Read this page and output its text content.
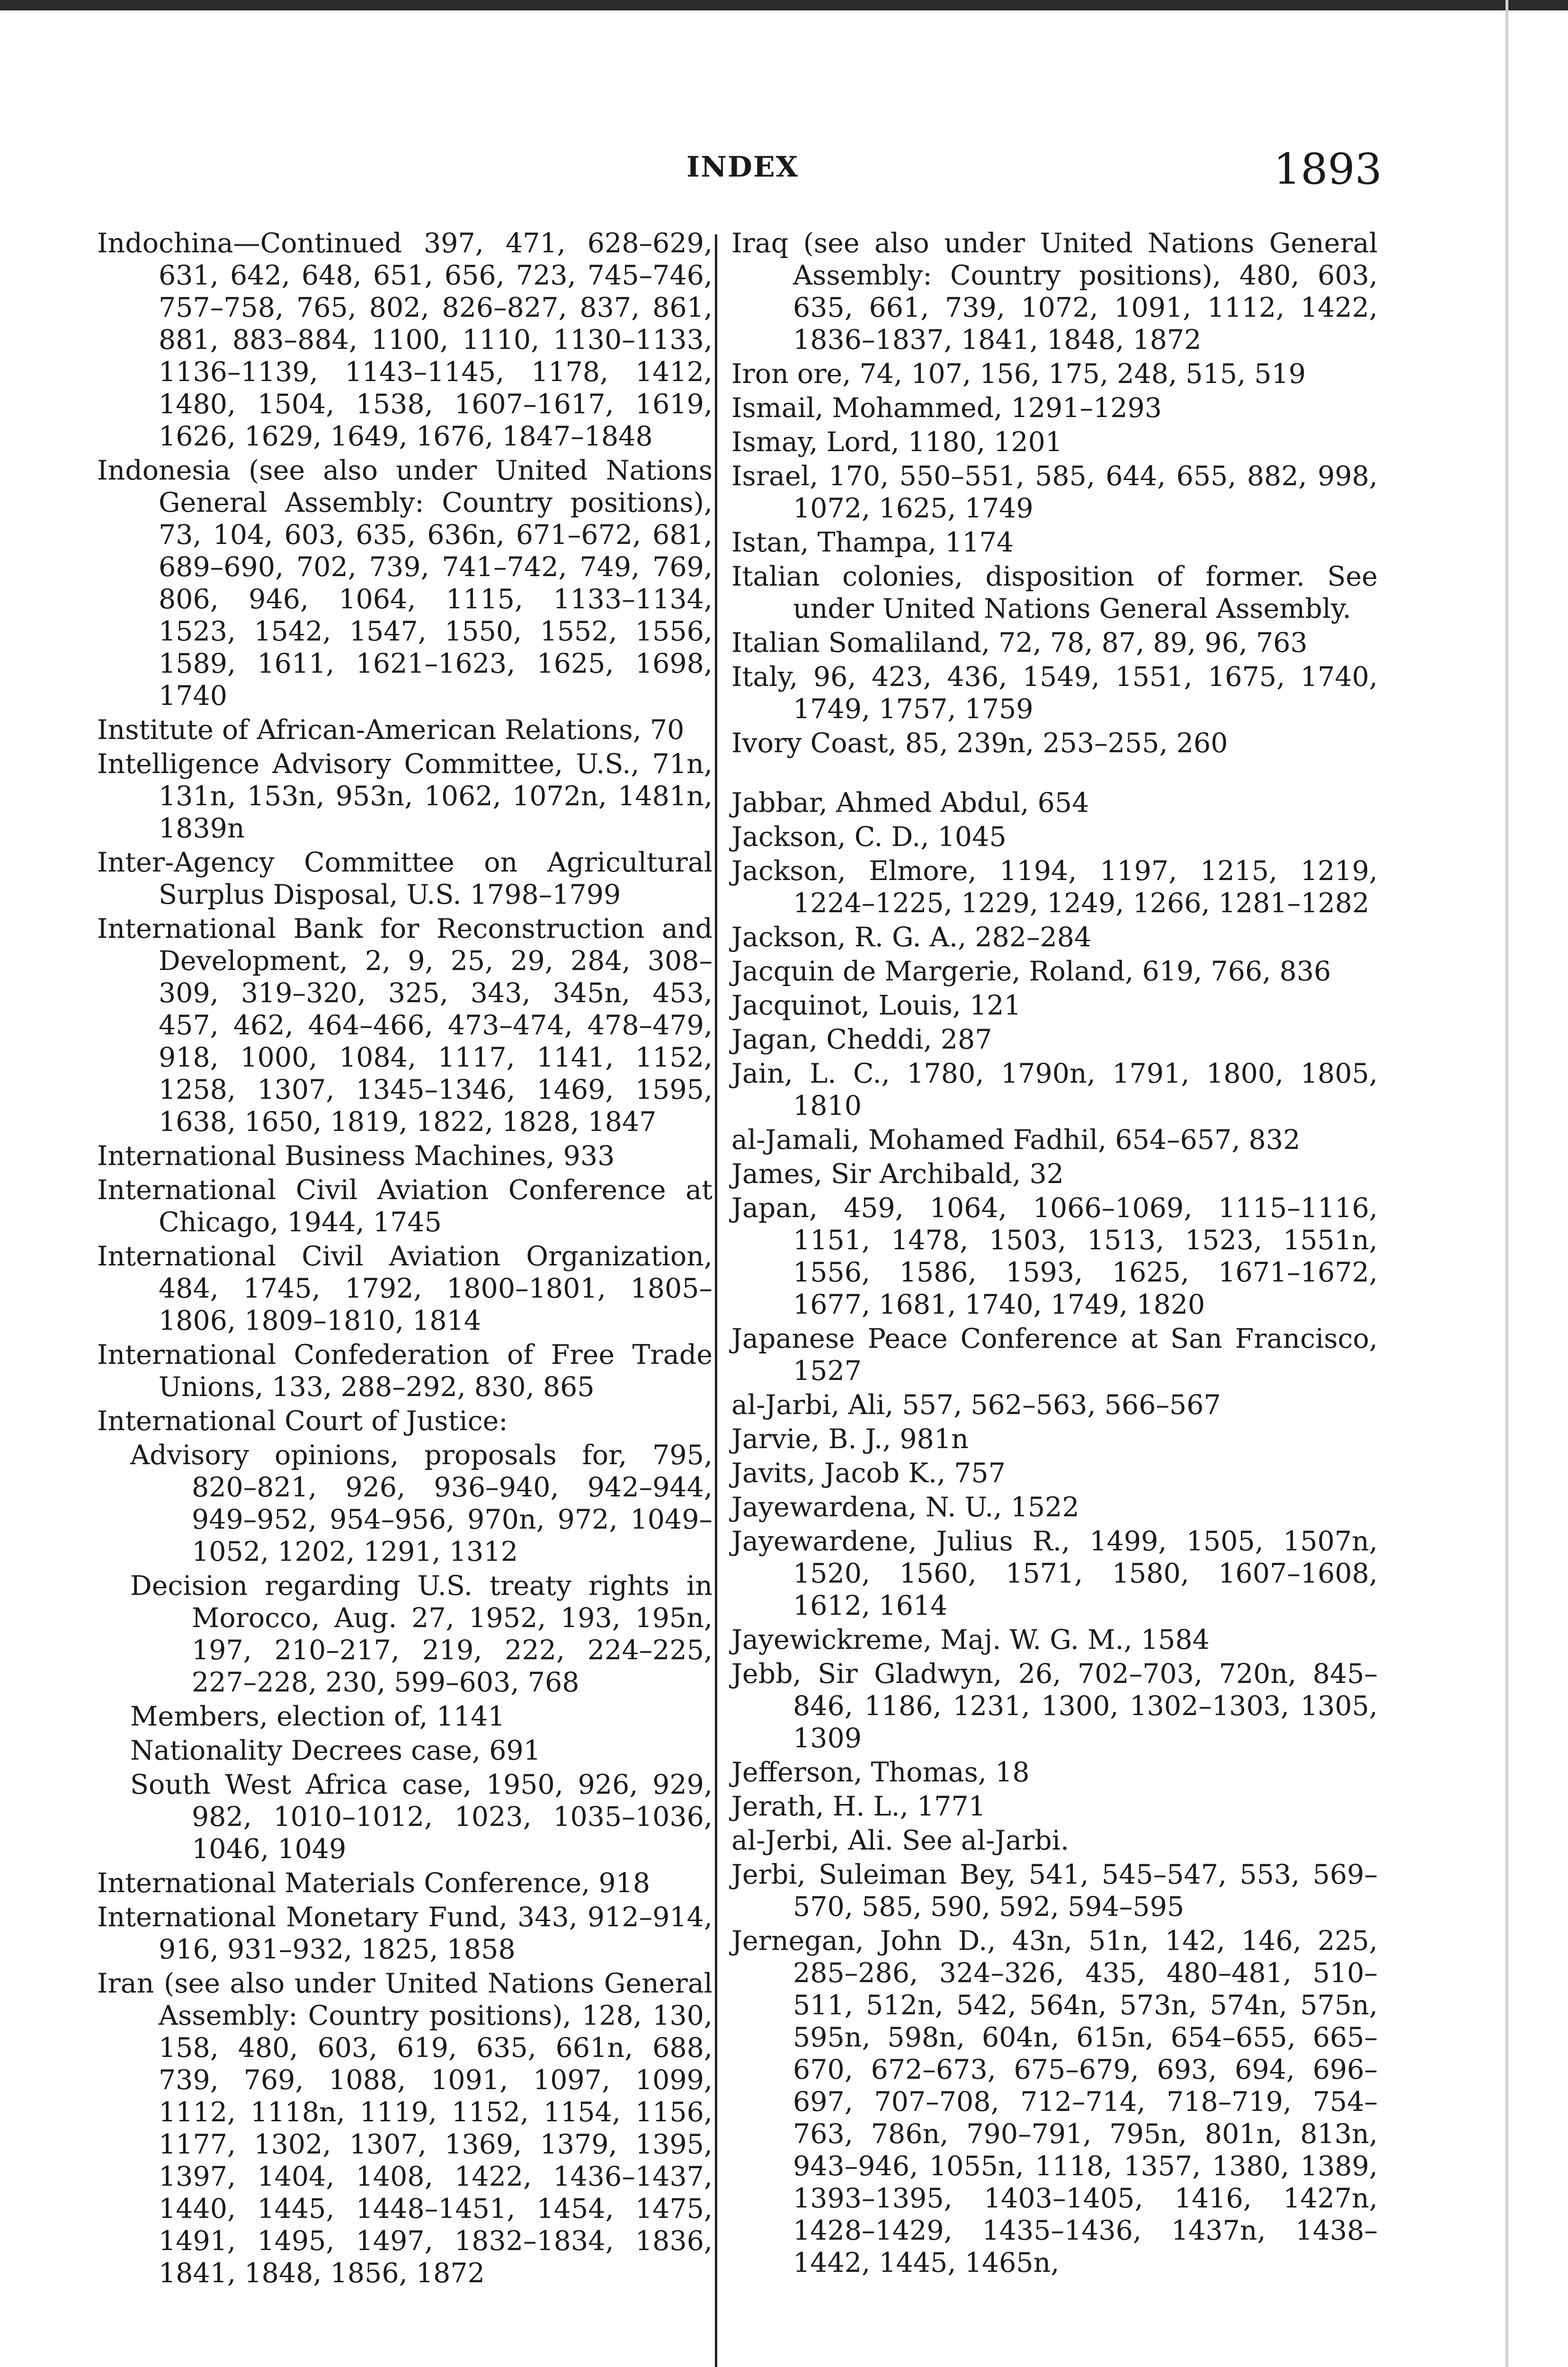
INDEX	1893

Indochina—Continued 397, 471, 628–629, 631, 642, 648, 651, 656, 723, 745–746, 757–758, 765, 802, 826–827, 837, 861, 881, 883–884, 1100, 1110, 1130–1133, 1136–1139, 1143–1145, 1178, 1412, 1480, 1504, 1538, 1607–1617, 1619, 1626, 1629, 1649, 1676, 1847–1848

Indonesia (see also under United Nations General Assembly: Country positions), 73, 104, 603, 635, 636n, 671–672, 681, 689–690, 702, 739, 741–742, 749, 769, 806, 946, 1064, 1115, 1133–1134, 1523, 1542, 1547, 1550, 1552, 1556, 1589, 1611, 1621–1623, 1625, 1698, 1740

Institute of African-American Relations, 70

Intelligence Advisory Committee, U.S., 71n, 131n, 153n, 953n, 1062, 1072n, 1481n, 1839n

Inter-Agency Committee on Agricultural Surplus Disposal, U.S. 1798–1799

International Bank for Reconstruction and Development, 2, 9, 25, 29, 284, 308–309, 319–320, 325, 343, 345n, 453, 457, 462, 464–466, 473–474, 478–479, 918, 1000, 1084, 1117, 1141, 1152, 1258, 1307, 1345–1346, 1469, 1595, 1638, 1650, 1819, 1822, 1828, 1847

International Business Machines, 933

International Civil Aviation Conference at Chicago, 1944, 1745

International Civil Aviation Organization, 484, 1745, 1792, 1800–1801, 1805–1806, 1809–1810, 1814

International Confederation of Free Trade Unions, 133, 288–292, 830, 865

International Court of Justice:

Advisory opinions, proposals for, 795, 820–821, 926, 936–940, 942–944, 949–952, 954–956, 970n, 972, 1049–1052, 1202, 1291, 1312

Decision regarding U.S. treaty rights in Morocco, Aug. 27, 1952, 193, 195n, 197, 210–217, 219, 222, 224–225, 227–228, 230, 599–603, 768

Members, election of, 1141

Nationality Decrees case, 691

South West Africa case, 1950, 926, 929, 982, 1010–1012, 1023, 1035–1036, 1046, 1049

International Materials Conference, 918

International Monetary Fund, 343, 912–914, 916, 931–932, 1825, 1858

Iran (see also under United Nations General Assembly: Country positions), 128, 130, 158, 480, 603, 619, 635, 661n, 688, 739, 769, 1088, 1091, 1097, 1099, 1112, 1118n, 1119, 1152, 1154, 1156, 1177, 1302, 1307, 1369, 1379, 1395, 1397, 1404, 1408, 1422, 1436–1437, 1440, 1445, 1448–1451, 1454, 1475, 1491, 1495, 1497, 1832–1834, 1836, 1841, 1848, 1856, 1872

Iraq (see also under United Nations General Assembly: Country positions), 480, 603, 635, 661, 739, 1072, 1091, 1112, 1422, 1836–1837, 1841, 1848, 1872

Iron ore, 74, 107, 156, 175, 248, 515, 519

Ismail, Mohammed, 1291–1293

Ismay, Lord, 1180, 1201

Israel, 170, 550–551, 585, 644, 655, 882, 998, 1072, 1625, 1749

Istan, Thampa, 1174

Italian colonies, disposition of former. See under United Nations General Assembly.

Italian Somaliland, 72, 78, 87, 89, 96, 763

Italy, 96, 423, 436, 1549, 1551, 1675, 1740, 1749, 1757, 1759

Ivory Coast, 85, 239n, 253–255, 260

Jabbar, Ahmed Abdul, 654

Jackson, C. D., 1045

Jackson, Elmore, 1194, 1197, 1215, 1219, 1224–1225, 1229, 1249, 1266, 1281–1282

Jackson, R. G. A., 282–284

Jacquin de Margerie, Roland, 619, 766, 836

Jacquinot, Louis, 121

Jagan, Cheddi, 287

Jain, L. C., 1780, 1790n, 1791, 1800, 1805, 1810

al-Jamali, Mohamed Fadhil, 654–657, 832

James, Sir Archibald, 32

Japan, 459, 1064, 1066–1069, 1115–1116, 1151, 1478, 1503, 1513, 1523, 1551n, 1556, 1586, 1593, 1625, 1671–1672, 1677, 1681, 1740, 1749, 1820

Japanese Peace Conference at San Francisco, 1527

al-Jarbi, Ali, 557, 562–563, 566–567

Jarvie, B. J., 981n

Javits, Jacob K., 757

Jayewardena, N. U., 1522

Jayewardene, Julius R., 1499, 1505, 1507n, 1520, 1560, 1571, 1580, 1607–1608, 1612, 1614

Jayewickreme, Maj. W. G. M., 1584

Jebb, Sir Gladwyn, 26, 702–703, 720n, 845–846, 1186, 1231, 1300, 1302–1303, 1305, 1309

Jefferson, Thomas, 18

Jerath, H. L., 1771

al-Jerbi, Ali. See al-Jarbi.

Jerbi, Suleiman Bey, 541, 545–547, 553, 569–570, 585, 590, 592, 594–595

Jernegan, John D., 43n, 51n, 142, 146, 225, 285–286, 324–326, 435, 480–481, 510–511, 512n, 542, 564n, 573n, 574n, 575n, 595n, 598n, 604n, 615n, 654–655, 665–670, 672–673, 675–679, 693, 694, 696–697, 707–708, 712–714, 718–719, 754–763, 786n, 790–791, 795n, 801n, 813n, 943–946, 1055n, 1118, 1357, 1380, 1389, 1393–1395, 1403–1405, 1416, 1427n, 1428–1429, 1435–1436, 1437n, 1438–1442, 1445, 1465n,
